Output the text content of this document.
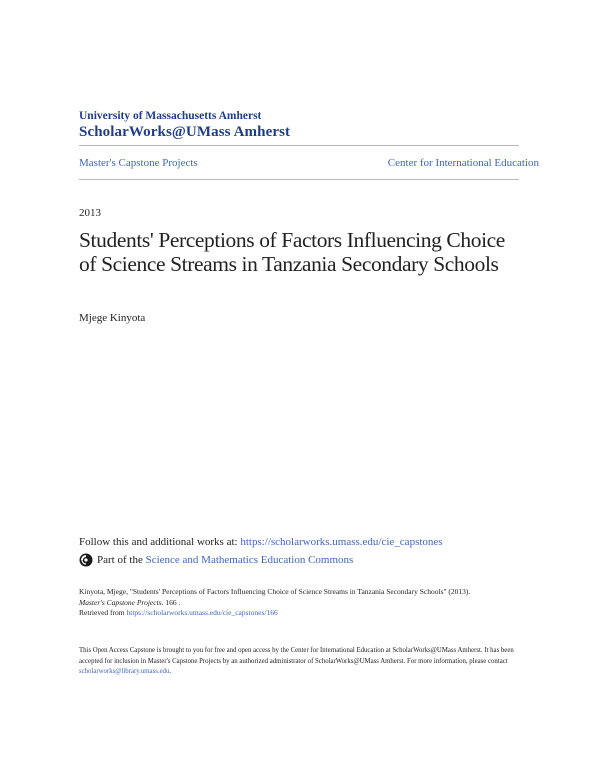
University of Massachusetts Amherst
ScholarWorks@UMass Amherst
Master's Capstone Projects	Center for International Education
2013
Students' Perceptions of Factors Influencing Choice of Science Streams in Tanzania Secondary Schools
Mjege Kinyota
Follow this and additional works at: https://scholarworks.umass.edu/cie_capstones
Part of the
Science and Mathematics Education Commons
Kinyota, Mjege, "Students' Perceptions of Factors Influencing Choice of Science Streams in Tanzania Secondary Schools" (2013).
Master's Capstone Projects. 166 .
Retrieved from https://scholarworks.umass.edu/cie_capstones/166
This Open Access Capstone is brought to you for free and open access by the Center for International Education at ScholarWorks@UMass Amherst. It has been accepted for inclusion in Master's Capstone Projects by an authorized administrator of ScholarWorks@UMass Amherst. For more information, please contact scholarworks@library.umass.edu.
